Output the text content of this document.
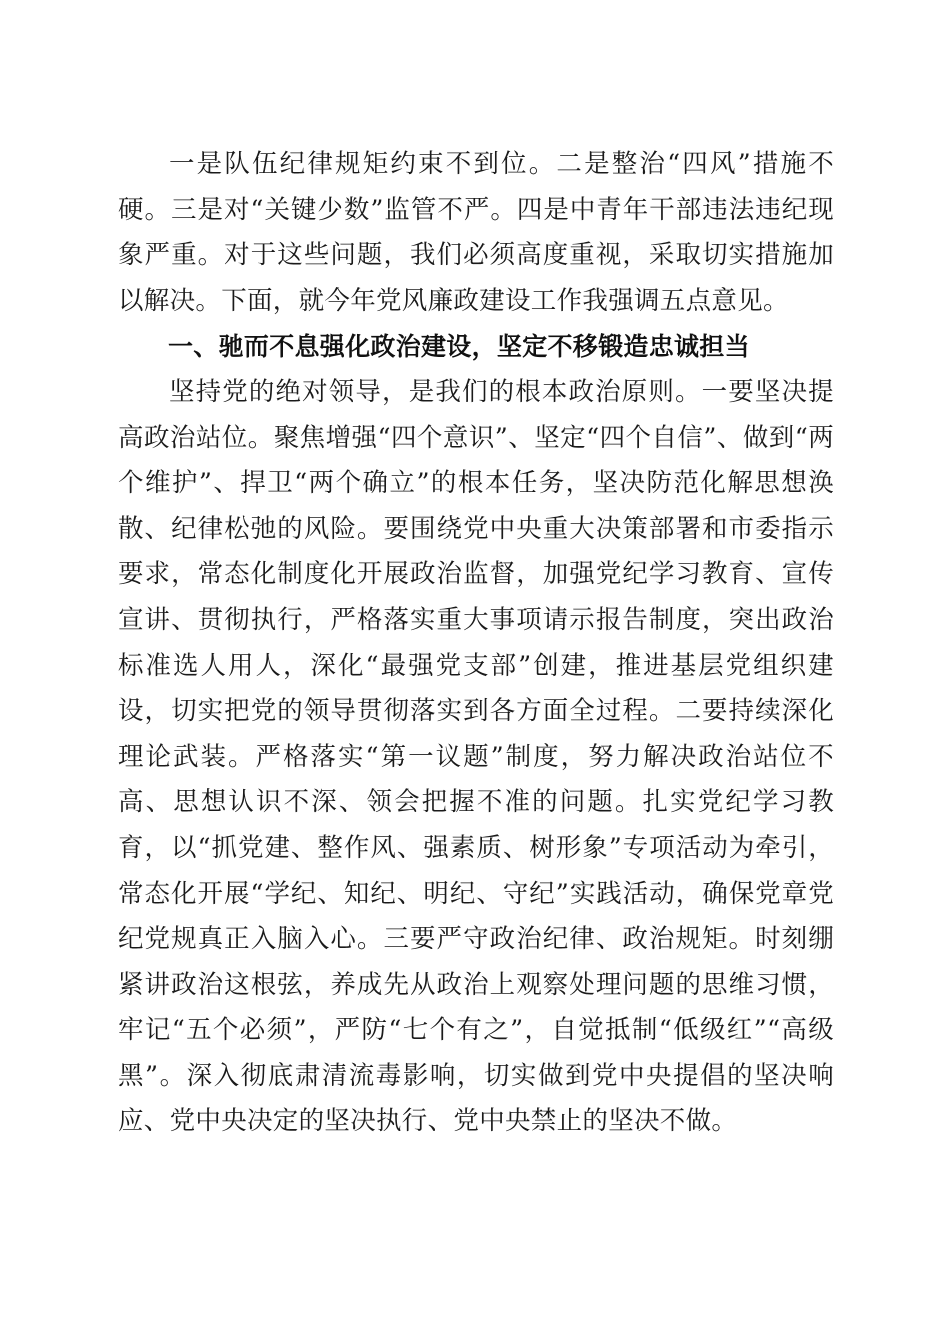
一是队伍纪律规矩约束不到位。二是整治“四风”措施不硬。三是对“关键少数”监管不严。四是中青年干部违法违纪现象严重。对于这些问题，我们必须高度重视，采取切实措施加以解决。下面，就今年党风廉政建设工作我强调五点意见。

一、驰而不息强化政治建设，坚定不移锻造忠诚担当

坚持党的绝对领导，是我们的根本政治原则。一要坚决提高政治站位。聚焦增强“四个意识”、坚定“四个自信”、做到“两个维护”、捍卫“两个确立”的根本任务，坚决防范化解思想涣散、纪律松弛的风险。要围绕党中央重大决策部署和市委指示要求，常态化制度化开展政治监督，加强党纪学习教育、宣传宣讲、贯彻执行，严格落实重大事项请示报告制度，突出政治标准选人用人，深化“最强党支部”创建，推进基层党组织建设，切实把党的领导贯彻落实到各方面全过程。二要持续深化理论武装。严格落实“第一议题”制度，努力解决政治站位不高、思想认识不深、领会把握不准的问题。扎实党纪学习教育，以“抓党建、整作风、强素质、树形象”专项活动为牵引，常态化开展“学纪、知纪、明纪、守纪”实践活动，确保党章党纪党规真正入脑入心。三要严守政治纪律、政治规矩。时刻绷紧讲政治这根弦，养成先从政治上观察处理问题的思维习惯，牢记“五个必须”，严防“七个有之”，自觉抵制“低级红”“高级黑”。深入彻底肃清流毒影响，切实做到党中央提倡的坚决响应、党中央决定的坚决执行、党中央禁止的坚决不做。
